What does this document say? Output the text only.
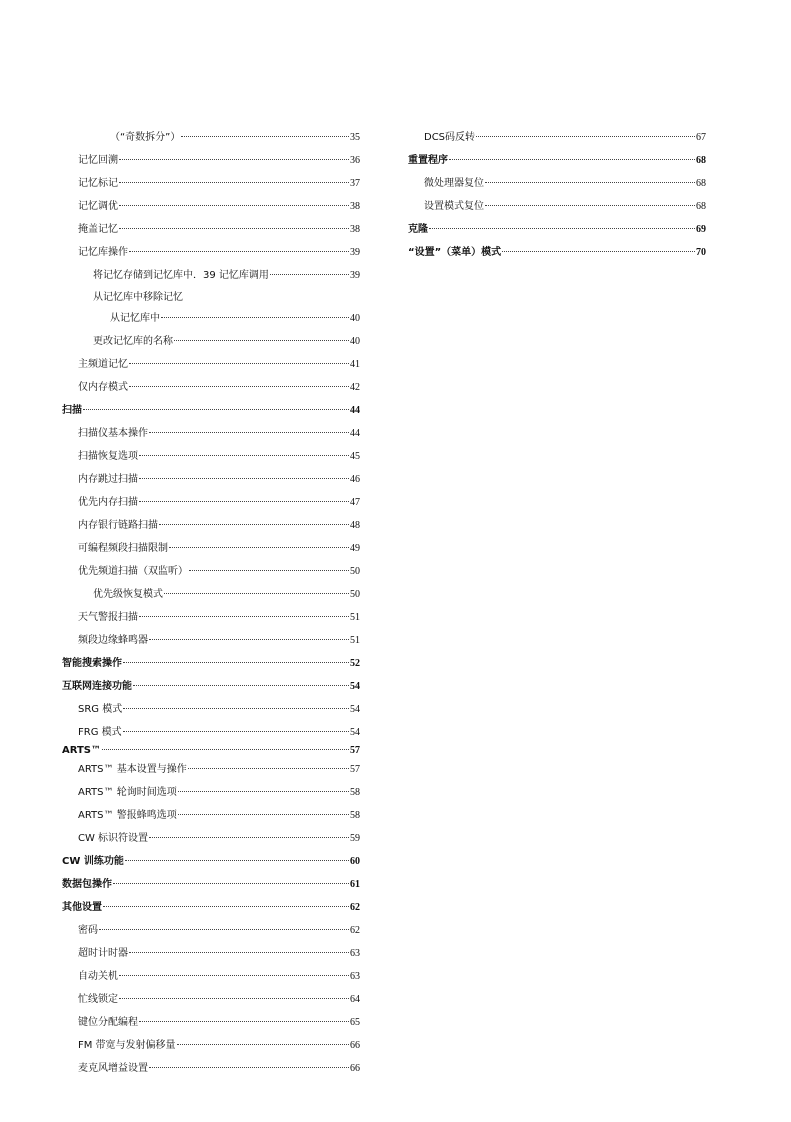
（“奇数拆分”）	35
记忆回溯	36
记忆标记	37
记忆调优	38
掩盖记忆	38
记忆库操作	39
将记忆存储到记忆库中．39 记忆库调用	39
从记忆库中移除记忆
从记忆库中	40
更改记忆库的名称	40
主频道记忆	41
仅内存模式	42
扫描	44
扫描仪基本操作	44
扫描恢复选项	45
内存跳过扫描	46
优先内存扫描	47
内存银行链路扫描	48
可编程频段扫描限制	49
优先频道扫描（双监听）	50
优先级恢复模式	50
天气警报扫描	51
频段边缘蜂鸣器	51
智能搜索操作	52
互联网连接功能	54
SRG 模式	54
FRG 模式	54
ARTS™	57
ARTS™ 基本设置与操作	57
ARTS™ 轮询时间选项	58
ARTS™ 警报蜂鸣选项	58
CW 标识符设置	59
CW 训练功能	60
数据包操作	61
其他设置	62
密码	62
超时计时器	63
自动关机	63
忙线锁定	64
键位分配编程	65
FM 带宽与发射偏移量	66
麦克风增益设置	66
DCS码反转	67
重置程序	68
微处理器复位	68
设置模式复位	68
克隆	69
“设置”（菜单）模式	70
